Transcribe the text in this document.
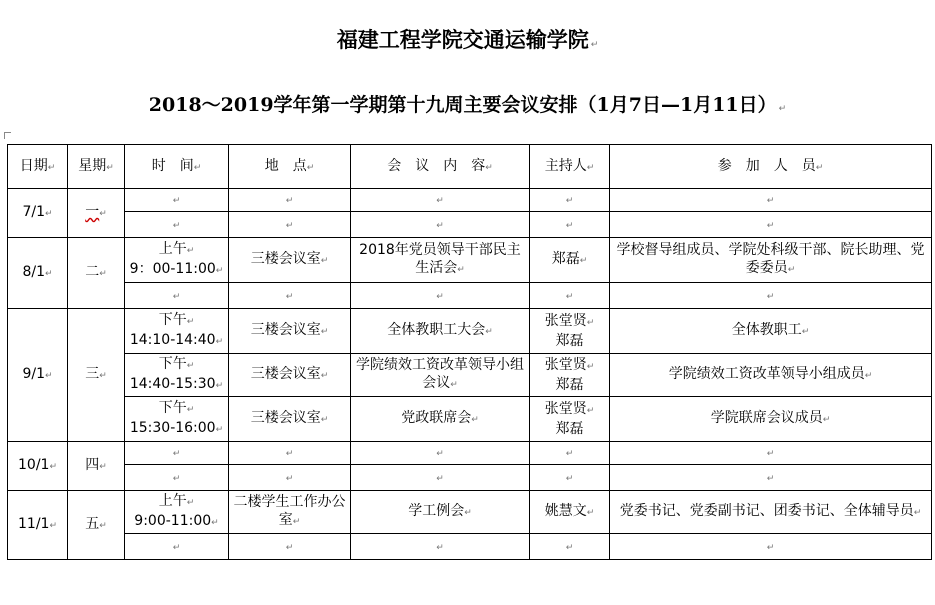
福建工程学院交通运输学院 ↵
2018～2019学年第一学期第十九周主要会议安排（1月7日—1月11日） ↵
日期↵	星期↵	时　间↵	地　点↵	会　议　内　容↵	主持人↵	参　加　人　员↵
7/1↵	一↵	↵	↵	↵	↵	↵
		↵	↵	↵	↵	↵
8/1↵	二↵	上午↵
9：00-11:00↵	三楼会议室↵	2018年党员领导干部民主生活会↵	郑磊↵	学校督导组成员、学院处科级干部、院长助理、党委委员↵
		↵	↵	↵	↵	↵
9/1↵	三↵	下午↵
14:10-14:40↵	三楼会议室↵	全体教职工大会↵	张堂贤↵
郑磊	全体教职工↵
		下午↵
14:40-15:30↵	三楼会议室↵	学院绩效工资改革领导小组会议↵	张堂贤↵
郑磊	学院绩效工资改革领导小组成员↵
		下午↵
15:30-16:00↵	三楼会议室↵	党政联席会↵	张堂贤↵
郑磊	学院联席会议成员↵
10/1↵	四↵	↵	↵	↵	↵	↵
		↵	↵	↵	↵	↵
11/1↵	五↵	上午↵
9:00-11:00↵	二楼学生工作办公室↵	学工例会↵	姚慧文↵	党委书记、党委副书记、团委书记、全体辅导员↵
		↵	↵	↵	↵	↵
